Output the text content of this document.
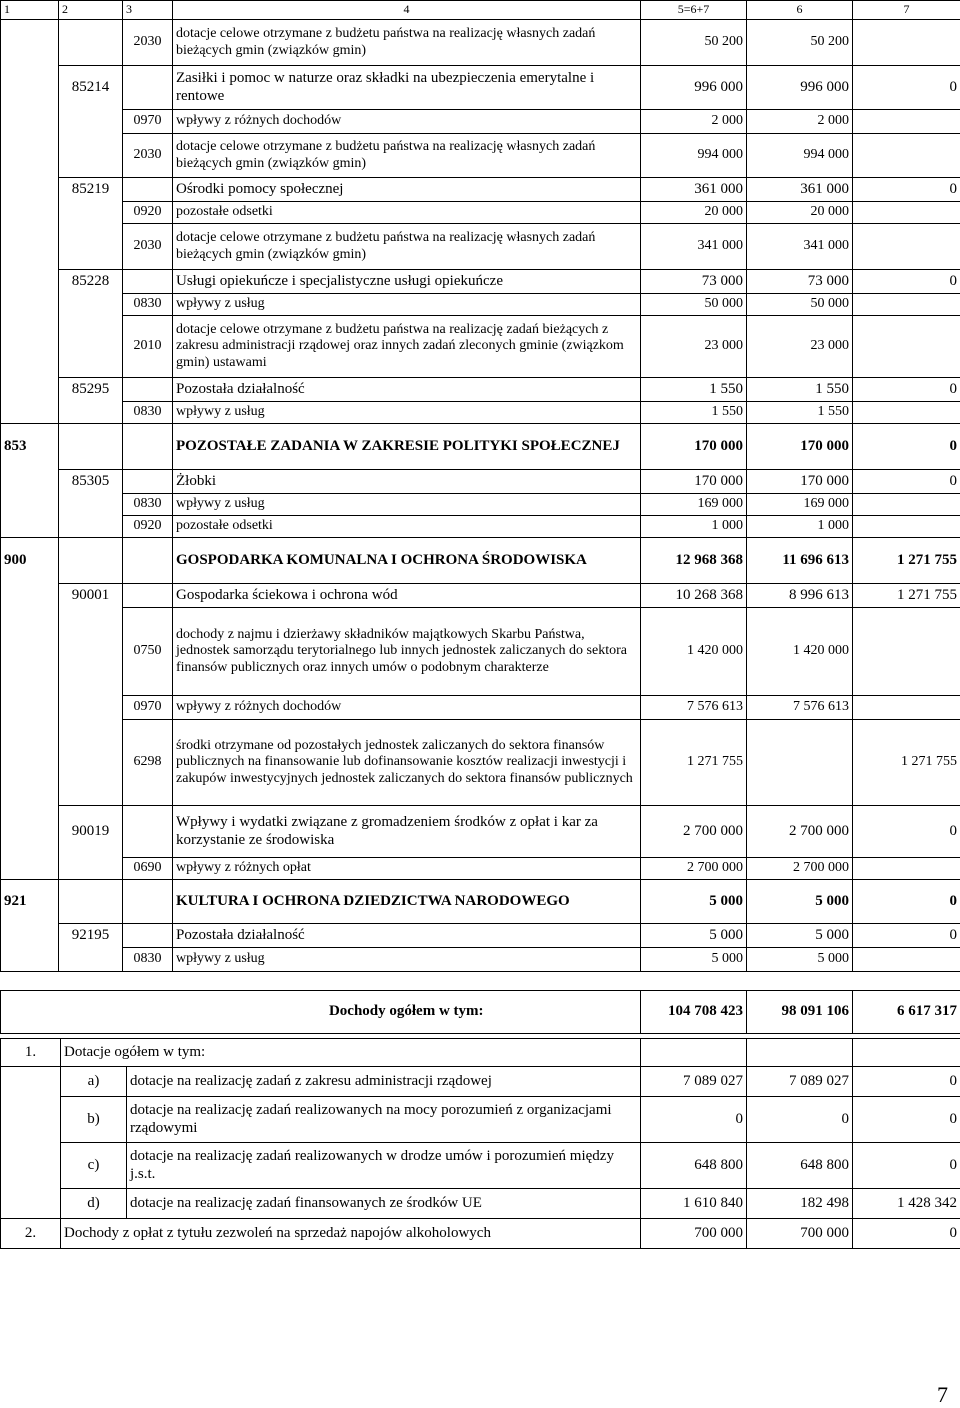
1	2	3	4	5=6+7	6	7
		2030	dotacje celowe otrzymane z budżetu państwa na realizację własnych zadań bieżących gmin (związków gmin)	50 200	50 200	
	85214		Zasiłki i pomoc w naturze oraz składki na ubezpieczenia emerytalne i rentowe	996 000	996 000	0
		0970	wpływy z różnych dochodów	2 000	2 000	
		2030	dotacje celowe otrzymane z budżetu państwa na realizację własnych zadań bieżących gmin (związków gmin)	994 000	994 000	
	85219		Ośrodki pomocy społecznej	361 000	361 000	0
		0920	pozostałe odsetki	20 000	20 000	
		2030	dotacje celowe otrzymane z budżetu państwa na realizację własnych zadań bieżących gmin (związków gmin)	341 000	341 000	
	85228		Usługi opiekuńcze i specjalistyczne usługi opiekuńcze	73 000	73 000	0
		0830	wpływy z usług	50 000	50 000	
		2010	dotacje celowe otrzymane z budżetu państwa na realizację zadań bieżących z zakresu administracji rządowej oraz innych zadań zleconych gminie (związkom gmin) ustawami	23 000	23 000	
	85295		Pozostała działalność	1 550	1 550	0
		0830	wpływy z usług	1 550	1 550	
853			POZOSTAŁE ZADANIA W ZAKRESIE POLITYKI SPOŁECZNEJ	170 000	170 000	0
	85305		Żłobki	170 000	170 000	0
		0830	wpływy z usług	169 000	169 000	
		0920	pozostałe odsetki	1 000	1 000	
900			GOSPODARKA KOMUNALNA I OCHRONA ŚRODOWISKA	12 968 368	11 696 613	1 271 755
	90001		Gospodarka ściekowa i ochrona wód	10 268 368	8 996 613	1 271 755
		0750	dochody z najmu i dzierżawy składników majątkowych Skarbu Państwa, jednostek samorządu terytorialnego lub innych jednostek zaliczanych do sektora finansów publicznych oraz innych umów o podobnym charakterze	1 420 000	1 420 000	
		0970	wpływy z różnych dochodów	7 576 613	7 576 613	
		6298	środki otrzymane od pozostałych jednostek zaliczanych do sektora finansów publicznych na finansowanie lub dofinansowanie kosztów realizacji inwestycji i zakupów inwestycyjnych jednostek zaliczanych do sektora finansów publicznych	1 271 755		1 271 755
	90019		Wpływy i wydatki związane z gromadzeniem środków z opłat i kar za korzystanie ze środowiska	2 700 000	2 700 000	0
		0690	wpływy z różnych opłat	2 700 000	2 700 000	
921			KULTURA I OCHRONA DZIEDZICTWA NARODOWEGO	5 000	5 000	0
	92195		Pozostała działalność	5 000	5 000	0
		0830	wpływy z usług	5 000	5 000	
	Dochody ogółem w tym:	104 708 423	98 091 106	6 617 317
1.	Dotacje ogółem w tym:				
	a)	dotacje na realizację zadań z zakresu administracji rządowej	7 089 027	7 089 027	0
	b)	dotacje na realizację zadań realizowanych na mocy porozumień z organizacjami rządowymi	0	0	0
	c)	dotacje na realizację zadań realizowanych w drodze umów i porozumień między j.s.t.	648 800	648 800	0
	d)	dotacje na realizację zadań finansowanych ze środków UE	1 610 840	182 498	1 428 342
2.	Dochody z opłat z tytułu zezwoleń na sprzedaż napojów alkoholowych		700 000	700 000	0
7
